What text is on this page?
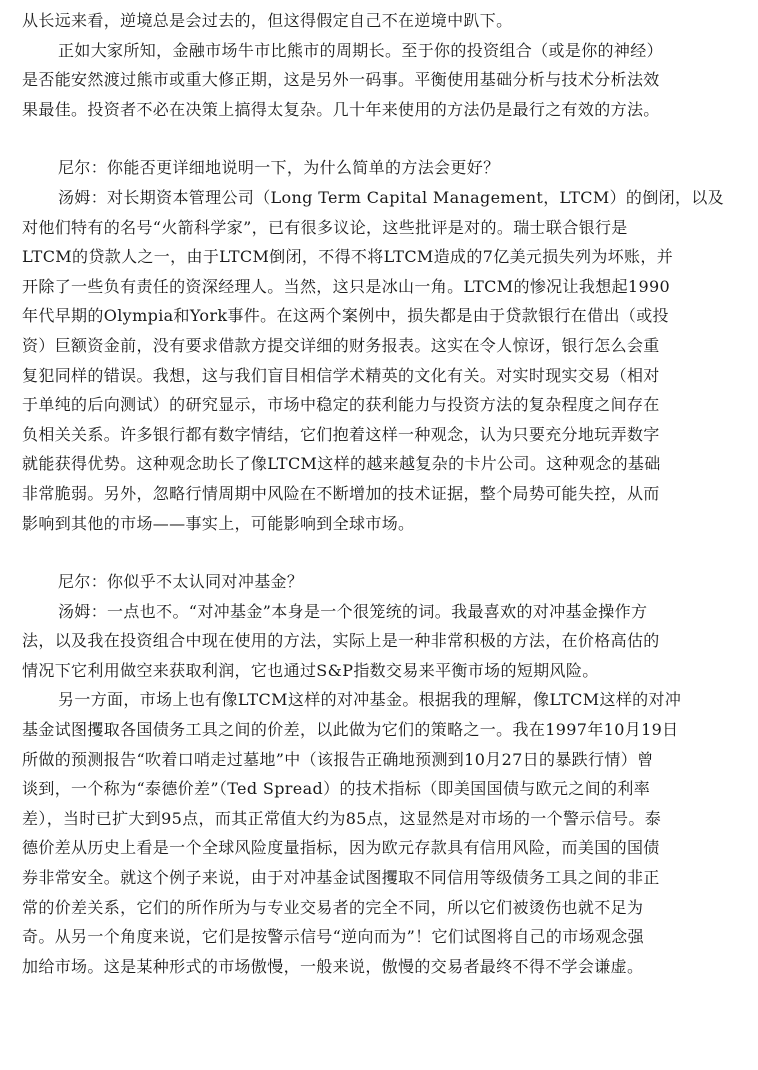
从长远来看，逆境总是会过去的，但这得假定自己不在逆境中趴下。
正如大家所知，金融市场牛市比熊市的周期长。至于你的投资组合（或是你的神经）
是否能安然渡过熊市或重大修正期，这是另外一码事。平衡使用基础分析与技术分析法效
果最佳。投资者不必在决策上搞得太复杂。几十年来使用的方法仍是最行之有效的方法。
尼尔：你能否更详细地说明一下，为什么简单的方法会更好？
汤姆：对长期资本管理公司（Long Term Capital Management，LTCM）的倒闭，以及
对他们特有的名号“火箭科学家”，已有很多议论，这些批评是对的。瑞士联合银行是
LTCM的贷款人之一，由于LTCM倒闭，不得不将LTCM造成的7亿美元损失列为坏账，并
开除了一些负有责任的资深经理人。当然，这只是冰山一角。LTCM的惨况让我想起1990
年代早期的Olympia和York事件。在这两个案例中，损失都是由于贷款银行在借出（或投
资）巨额资金前，没有要求借款方提交详细的财务报表。这实在令人惊讶，银行怎么会重
复犯同样的错误。我想，这与我们盲目相信学术精英的文化有关。对实时现实交易（相对
于单纯的后向测试）的研究显示，市场中稳定的获利能力与投资方法的复杂程度之间存在
负相关关系。许多银行都有数字情结，它们抱着这样一种观念，认为只要充分地玩弄数字
就能获得优势。这种观念助长了像LTCM这样的越来越复杂的卡片公司。这种观念的基础
非常脆弱。另外，忽略行情周期中风险在不断增加的技术证据，整个局势可能失控，从而
影响到其他的市场——事实上，可能影响到全球市场。
尼尔：你似乎不太认同对冲基金？
汤姆：一点也不。“对冲基金”本身是一个很笼统的词。我最喜欢的对冲基金操作方
法，以及我在投资组合中现在使用的方法，实际上是一种非常积极的方法，在价格高估的
情况下它利用做空来获取利润，它也通过S&P指数交易来平衡市场的短期风险。
另一方面，市场上也有像LTCM这样的对冲基金。根据我的理解，像LTCM这样的对冲
基金试图攫取各国债务工具之间的价差，以此做为它们的策略之一。我在1997年10月19日
所做的预测报告“吹着口哨走过墓地”中（该报告正确地预测到10月27日的暴跌行情）曾
谈到，一个称为“泰德价差”（Ted Spread）的技术指标（即美国国债与欧元之间的利率
差），当时已扩大到95点，而其正常值大约为85点，这显然是对市场的一个警示信号。泰
德价差从历史上看是一个全球风险度量指标，因为欧元存款具有信用风险，而美国的国债
券非常安全。就这个例子来说，由于对冲基金试图攫取不同信用等级债务工具之间的非正
常的价差关系，它们的所作所为与专业交易者的完全不同，所以它们被烫伤也就不足为
奇。从另一个角度来说，它们是按警示信号“逆向而为”！它们试图将自己的市场观念强
加给市场。这是某种形式的市场傲慢，一般来说，傲慢的交易者最终不得不学会谦虚。
